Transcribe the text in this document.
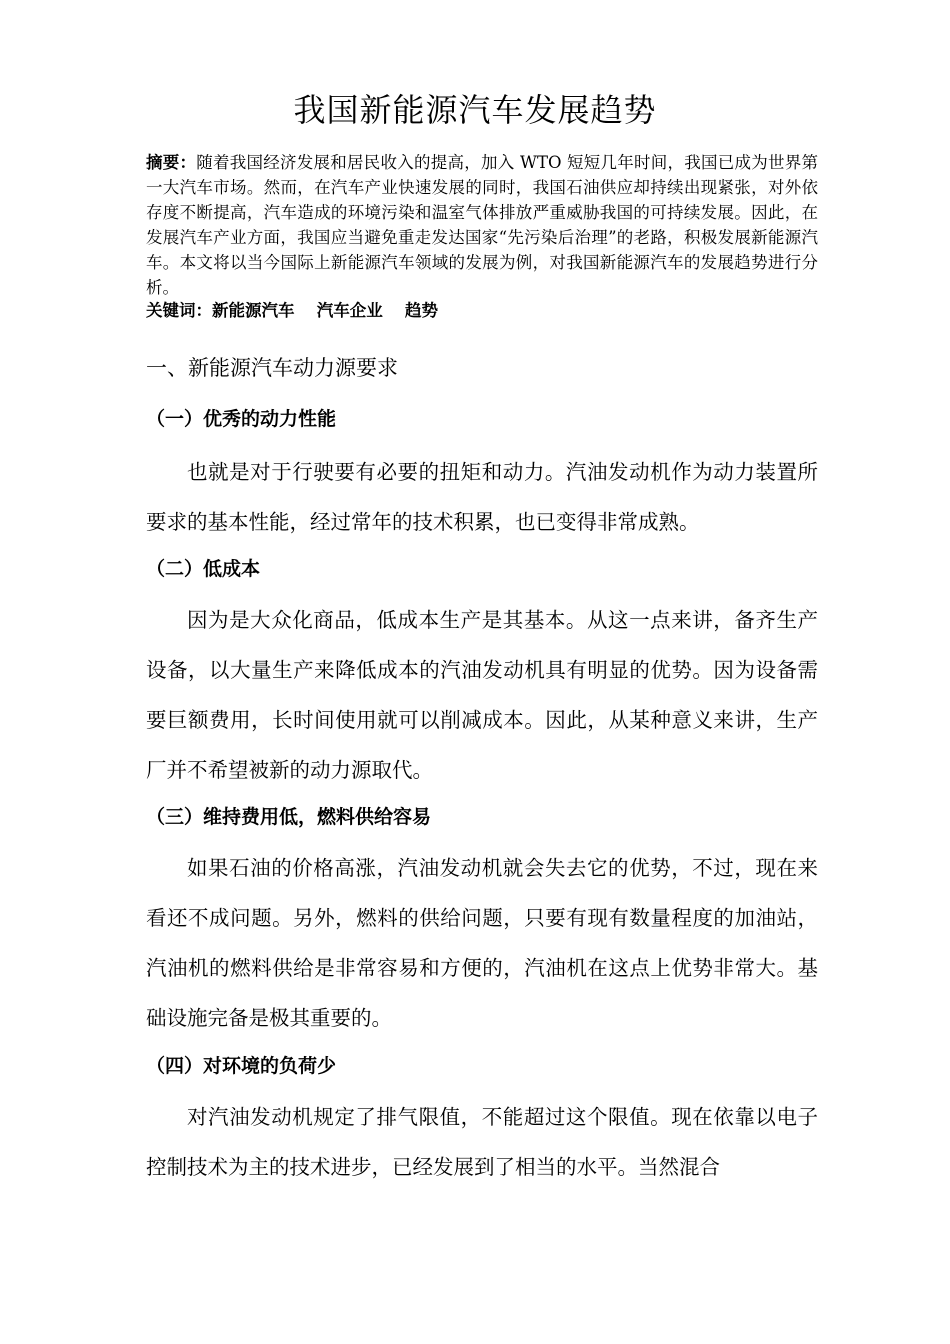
我国新能源汽车发展趋势
摘要：随着我国经济发展和居民收入的提高，加入 WTO 短短几年时间，我国已成为世界第一大汽车市场。然而，在汽车产业快速发展的同时，我国石油供应却持续出现紧张，对外依存度不断提高，汽车造成的环境污染和温室气体排放严重威胁我国的可持续发展。因此，在发展汽车产业方面，我国应当避免重走发达国家“先污染后治理”的老路，积极发展新能源汽车。本文将以当今国际上新能源汽车领域的发展为例，对我国新能源汽车的发展趋势进行分析。
关键词：新能源汽车　 汽车企业　 趋势
一、新能源汽车动力源要求
（一）优秀的动力性能
也就是对于行驶要有必要的扭矩和动力。汽油发动机作为动力装置所要求的基本性能，经过常年的技术积累，也已变得非常成熟。
（二）低成本
因为是大众化商品，低成本生产是其基本。从这一点来讲，备齐生产设备，以大量生产来降低成本的汽油发动机具有明显的优势。因为设备需要巨额费用，长时间使用就可以削减成本。因此，从某种意义来讲，生产厂并不希望被新的动力源取代。
（三）维持费用低，燃料供给容易
如果石油的价格高涨，汽油发动机就会失去它的优势，不过，现在来看还不成问题。另外，燃料的供给问题，只要有现有数量程度的加油站，汽油机的燃料供给是非常容易和方便的，汽油机在这点上优势非常大。基础设施完备是极其重要的。
（四）对环境的负荷少
对汽油发动机规定了排气限值，不能超过这个限值。现在依靠以电子控制技术为主的技术进步，已经发展到了相当的水平。当然混合
